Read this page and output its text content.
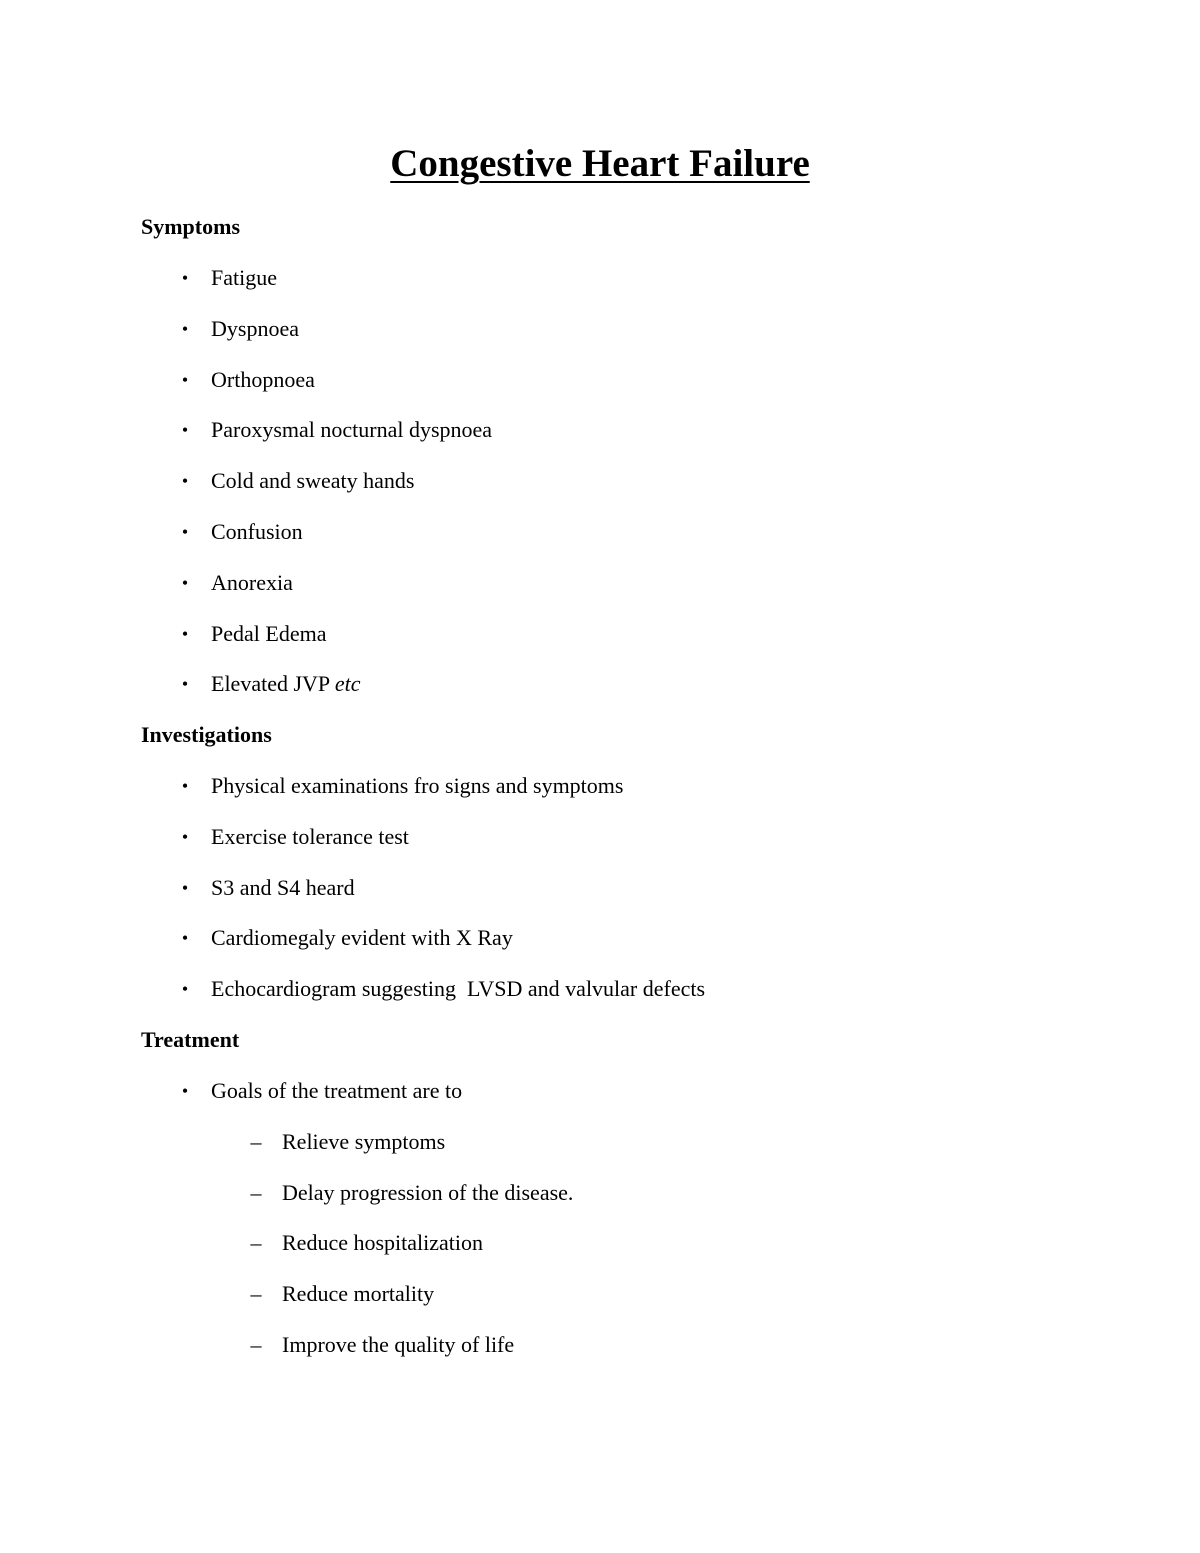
Congestive Heart Failure
Symptoms
•	Fatigue
•	Dyspnoea
•	Orthopnoea
•	Paroxysmal nocturnal dyspnoea
•	Cold and sweaty hands
•	Confusion
•	Anorexia
•	Pedal Edema
•	Elevated JVP etc
Investigations
•	Physical examinations fro signs and symptoms
•	Exercise tolerance test
•	S3 and S4 heard
•	Cardiomegaly evident with X Ray
•	Echocardiogram suggesting  LVSD and valvular defects
Treatment
•	Goals of the treatment are to
– Relieve symptoms
– Delay progression of the disease.
– Reduce hospitalization
– Reduce mortality
– Improve the quality of life
